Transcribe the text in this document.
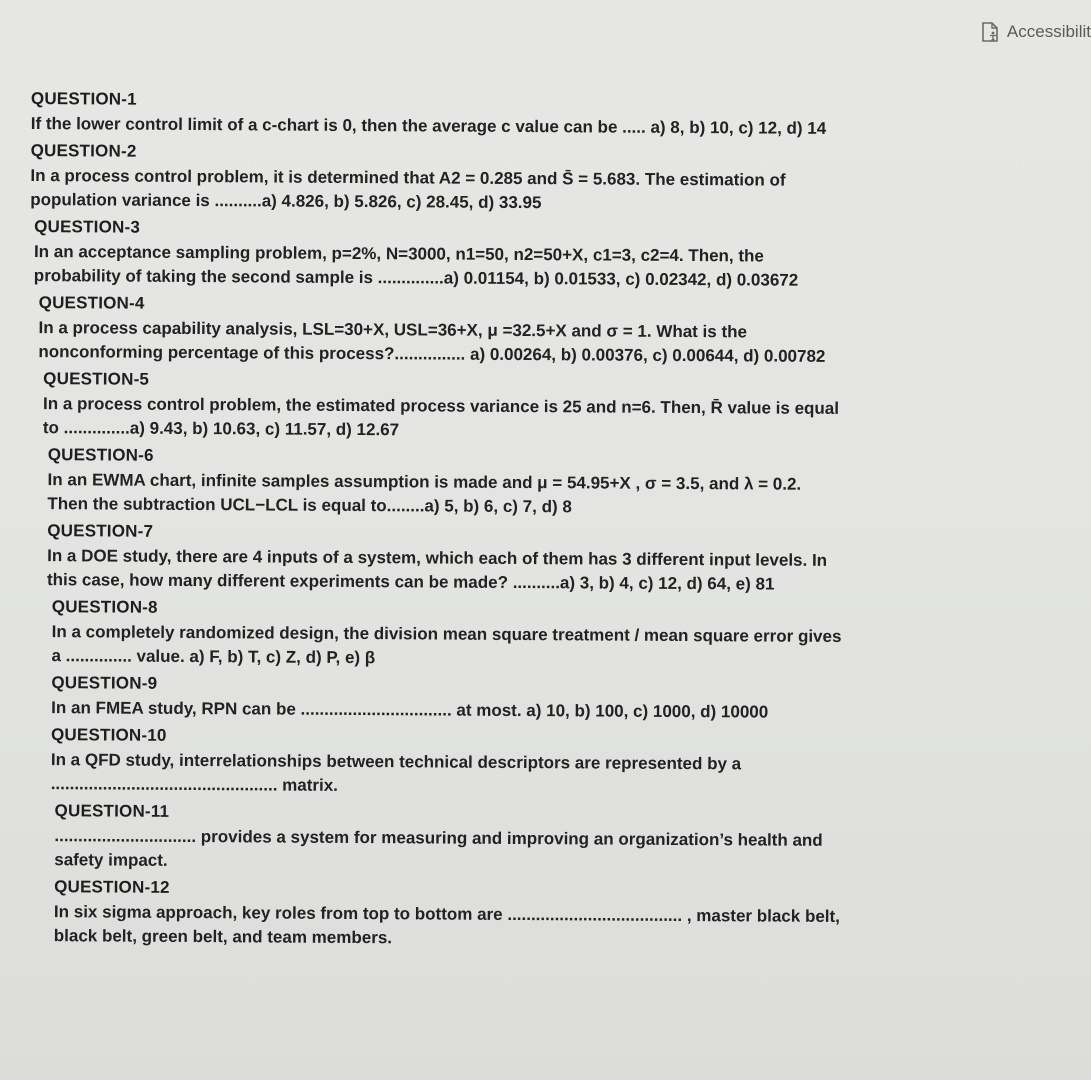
Accessibilit
QUESTION-1
If the lower control limit of a c-chart is 0, then the average c value can be ..... a) 8, b) 10, c) 12, d) 14
QUESTION-2
In a process control problem, it is determined that A2 = 0.285 and S̄ = 5.683. The estimation of
population variance is ..........a) 4.826, b) 5.826, c) 28.45, d) 33.95
QUESTION-3
In an acceptance sampling problem, p=2%, N=3000, n1=50, n2=50+X, c1=3, c2=4. Then, the
probability of taking the second sample is ..............a) 0.01154, b) 0.01533, c) 0.02342, d) 0.03672
QUESTION-4
In a process capability analysis, LSL=30+X, USL=36+X, μ =32.5+X and σ = 1. What is the
nonconforming percentage of this process?............... a) 0.00264, b) 0.00376, c) 0.00644, d) 0.00782
QUESTION-5
In a process control problem, the estimated process variance is 25 and n=6. Then, R̄ value is equal
to ..............a) 9.43, b) 10.63, c) 11.57, d) 12.67
QUESTION-6
In an EWMA chart, infinite samples assumption is made and μ = 54.95+X , σ = 3.5, and λ = 0.2.
Then the subtraction UCL−LCL is equal to........a) 5, b) 6, c) 7, d) 8
QUESTION-7
In a DOE study, there are 4 inputs of a system, which each of them has 3 different input levels. In
this case, how many different experiments can be made? ..........a) 3, b) 4, c) 12, d) 64, e) 81
QUESTION-8
In a completely randomized design, the division mean square treatment / mean square error gives
a .............. value. a) F, b) T, c) Z, d) P, e) β
QUESTION-9
In an FMEA study, RPN can be ................................ at most. a) 10, b) 100, c) 1000, d) 10000
QUESTION-10
In a QFD study, interrelationships between technical descriptors are represented by a
................................................ matrix.
QUESTION-11
.............................. provides a system for measuring and improving an organization’s health and
safety impact.
QUESTION-12
In six sigma approach, key roles from top to bottom are ..................................... , master black belt,
black belt, green belt, and team members.
